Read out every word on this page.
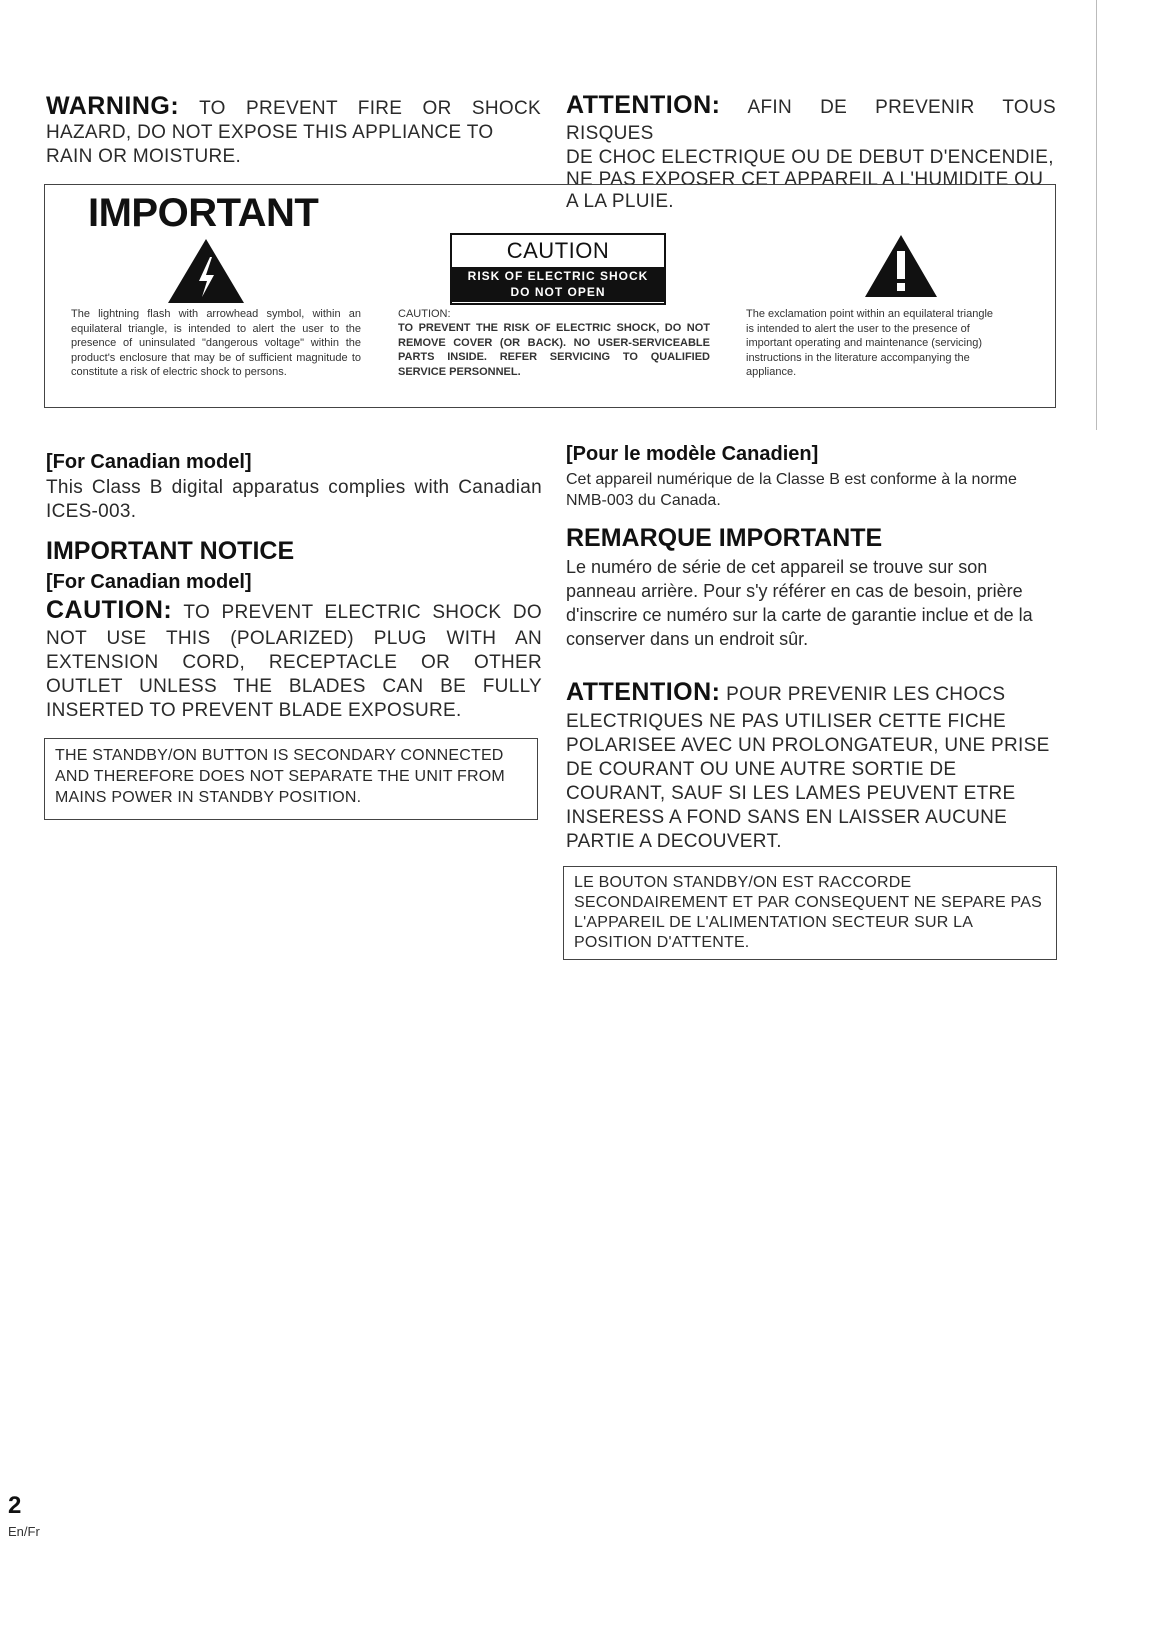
WARNING: TO PREVENT FIRE OR SHOCK
HAZARD, DO NOT EXPOSE THIS APPLIANCE TO RAIN OR MOISTURE.
ATTENTION: AFIN DE PREVENIR TOUS RISQUES
DE CHOC ELECTRIQUE OU DE DEBUT D'ENCENDIE, NE PAS EXPOSER CET APPAREIL A L'HUMIDITE OU A LA PLUIE.
IMPORTANT
The lightning flash with arrowhead symbol, within an equilateral triangle, is intended to alert the user to the presence of uninsulated "dangerous voltage" within the product's enclosure that may be of sufficient magnitude to constitute a risk of electric shock to persons.
CAUTION
RISK OF ELECTRIC SHOCK
DO NOT OPEN
CAUTION:
TO PREVENT THE RISK OF ELECTRIC SHOCK, DO NOT REMOVE COVER (OR BACK). NO USER-SERVICEABLE PARTS INSIDE. REFER SERVICING TO QUALIFIED SERVICE PERSONNEL.
The exclamation point within an equilateral triangle is intended to alert the user to the presence of important operating and maintenance (servicing) instructions in the literature accompanying the appliance.
[For Canadian model]
This Class B digital apparatus complies with Canadian ICES-003.
IMPORTANT NOTICE
[For Canadian model]
CAUTION: TO PREVENT ELECTRIC SHOCK DO
NOT USE THIS (POLARIZED) PLUG WITH AN EXTENSION CORD, RECEPTACLE OR OTHER OUTLET UNLESS THE BLADES CAN BE FULLY INSERTED TO PREVENT BLADE EXPOSURE.
THE STANDBY/ON BUTTON IS SECONDARY CONNECTED AND THEREFORE DOES NOT SEPARATE THE UNIT FROM MAINS POWER IN STANDBY POSITION.
[Pour le modèle Canadien]
Cet appareil numérique de la Classe B est conforme à la norme NMB-003 du Canada.
REMARQUE IMPORTANTE
Le numéro de série de cet appareil se trouve sur son panneau arrière. Pour s'y référer en cas de besoin, prière d'inscrire ce numéro sur la carte de garantie incluе et de la conserver dans un endroit sûr.
ATTENTION: POUR PREVENIR LES CHOCS
ELECTRIQUES NE PAS UTILISER CETTE FICHE POLARISEE AVEC UN PROLONGATEUR, UNE PRISE DE COURANT OU UNE AUTRE SORTIE DE COURANT, SAUF SI LES LAMES PEUVENT ETRE INSERESS A FOND SANS EN LAISSER AUCUNE PARTIE A DECOUVERT.
LE BOUTON STANDBY/ON EST RACCORDE SECONDAIREMENT ET PAR CONSEQUENT NE SEPARE PAS L'APPAREIL DE L'ALIMENTATION SECTEUR SUR LA POSITION D'ATTENTE.
2
En/Fr
